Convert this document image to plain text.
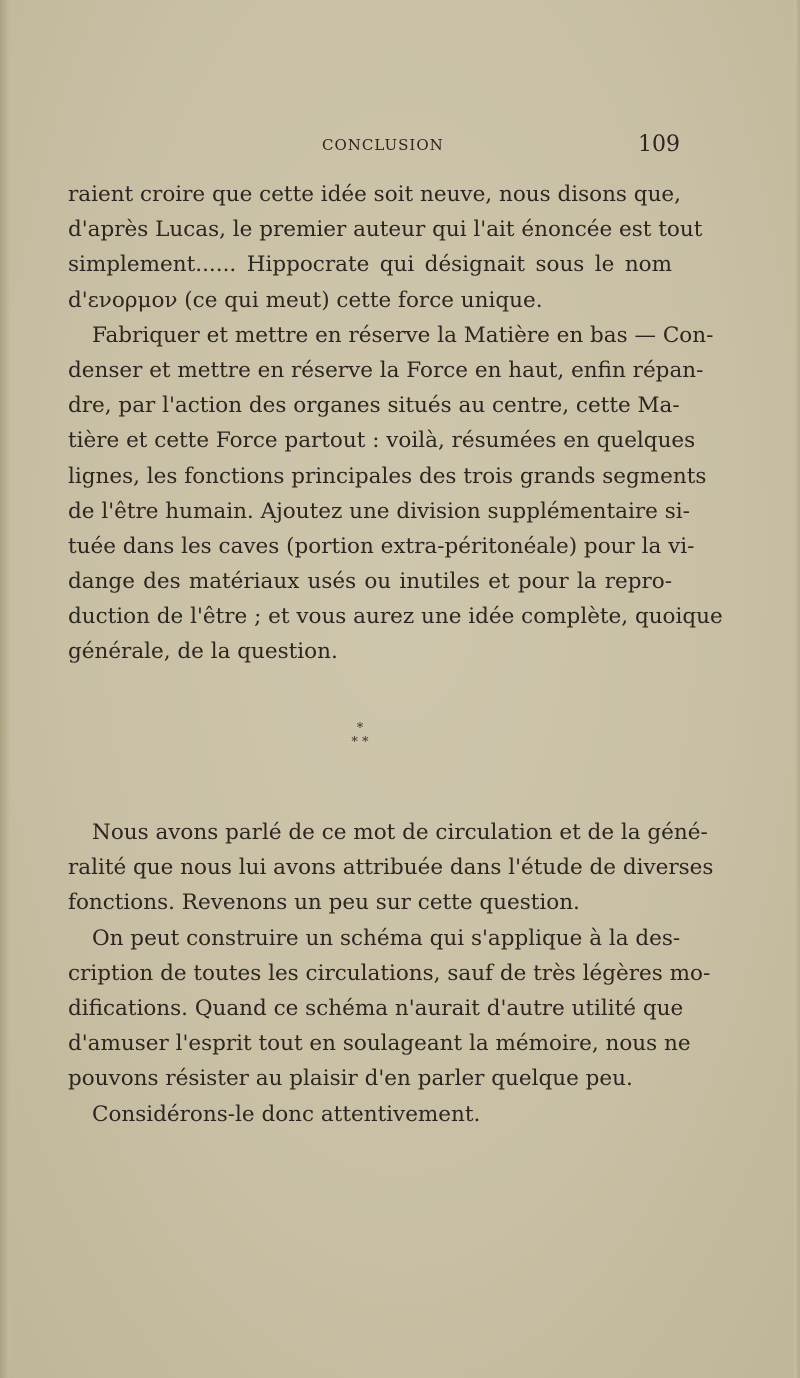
CONCLUSION	109
raient croire que cette idée soit neuve, nous disons que,
d'après Lucas, le premier auteur qui l'ait énoncée est tout
simplement...... Hippocrate qui désignait sous le nom
d'ενορμον (ce qui meut) cette force unique.
Fabriquer et mettre en réserve la Matière en bas — Con-
denser et mettre en réserve la Force en haut, enfin répan-
dre, par l'action des organes situés au centre, cette Ma-
tière et cette Force partout : voilà, résumées en quelques
lignes, les fonctions principales des trois grands segments
de l'être humain. Ajoutez une division supplémentaire si-
tuée dans les caves (portion extra-péritonéale) pour la vi-
dange des matériaux usés ou inutiles et pour la repro-
duction de l'être ; et vous aurez une idée complète, quoique
générale, de la question.
*
* *
Nous avons parlé de ce mot de circulation et de la géné-
ralité que nous lui avons attribuée dans l'étude de diverses
fonctions. Revenons un peu sur cette question.
On peut construire un schéma qui s'applique à la des-
cription de toutes les circulations, sauf de très légères mo-
difications. Quand ce schéma n'aurait d'autre utilité que
d'amuser l'esprit tout en soulageant la mémoire, nous ne
pouvons résister au plaisir d'en parler quelque peu.
Considérons-le donc attentivement.
